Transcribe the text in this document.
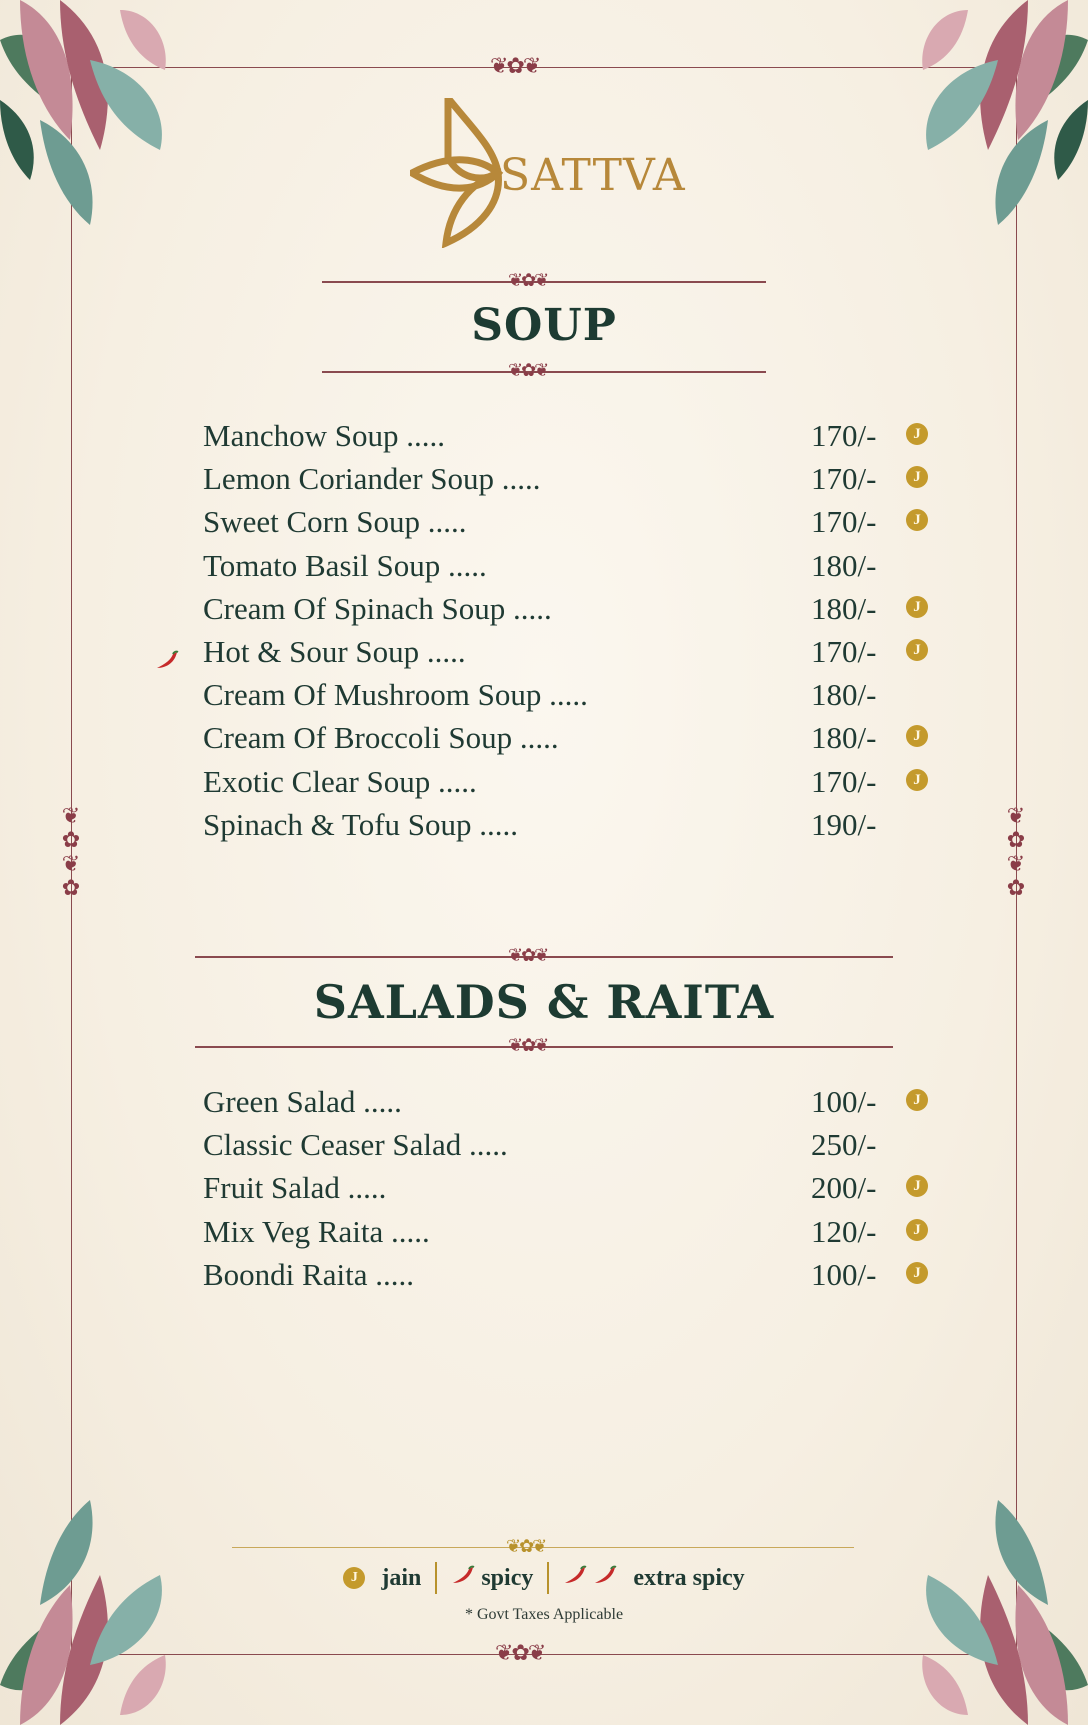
❦✿❦
❦✿❦
❦
✿
❦
✿
❦
✿
❦
✿
SATTVA
❦✿❦
SOUP
❦✿❦
Manchow Soup .....	170/-	J
Lemon Coriander Soup .....	170/-	J
Sweet Corn Soup .....	170/-	J
Tomato Basil Soup .....	180/-
Cream Of Spinach Soup .....	180/-	J
Hot & Sour Soup .....	170/-	J
Cream Of Mushroom Soup .....	180/-
Cream Of Broccoli Soup .....	180/-	J
Exotic Clear Soup .....	170/-	J
Spinach & Tofu Soup .....	190/-
❦✿❦
SALADS & RAITA
❦✿❦
Green Salad .....	100/-	J
Classic Ceaser Salad .....	250/-
Fruit Salad .....	200/-	J
Mix Veg Raita .....	120/-	J
Boondi Raita .....	100/-	J
❦✿❦
J jain	spicy	extra spicy
* Govt Taxes Applicable
